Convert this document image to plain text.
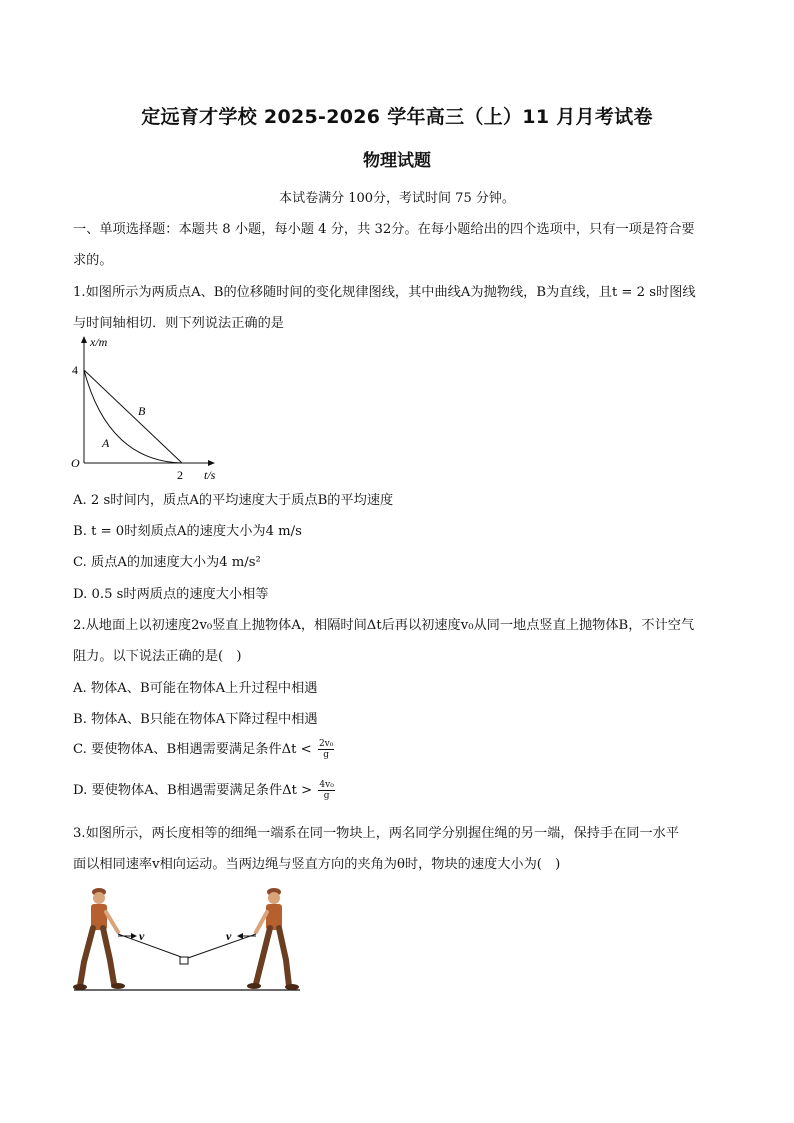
定远育才学校 2025-2026 学年高三（上）11 月月考试卷
物理试题
本试卷满分 100分，考试时间 75 分钟。
一、单项选择题：本题共 8 小题，每小题 4 分，共 32分。在每小题给出的四个选项中，只有一项是符合要
求的。
1.如图所示为两质点A、B的位移随时间的变化规律图线，其中曲线A为抛物线，B为直线，且t = 2 s时图线
与时间轴相切．则下列说法正确的是
x/m
4
O
2 t/s
B
A
A. 2 s时间内，质点A的平均速度大于质点B的平均速度
B. t = 0时刻质点A的速度大小为4 m/s
C. 质点A的加速度大小为4 m/s²
D. 0.5 s时两质点的速度大小相等
2.从地面上以初速度2v₀竖直上抛物体A，相隔时间Δt后再以初速度v₀从同一地点竖直上抛物体B，不计空气
阻力。以下说法正确的是(　)
A. 物体A、B可能在物体A上升过程中相遇
B. 物体A、B只能在物体A下降过程中相遇
C. 要使物体A、B相遇需要满足条件$\Delta t < \frac{\text{2v₀}}{g}$
D. 要使物体A、B相遇需要满足条件$\Delta t > \frac{\text{4v₀}}{g}$
3.如图所示，两长度相等的细绳一端系在同一物块上，两名同学分别握住绳的另一端，保持手在同一水平
面以相同速率v相向运动。当两边绳与竖直方向的夹角为θ时，物块的速度大小为(　)
v	v
